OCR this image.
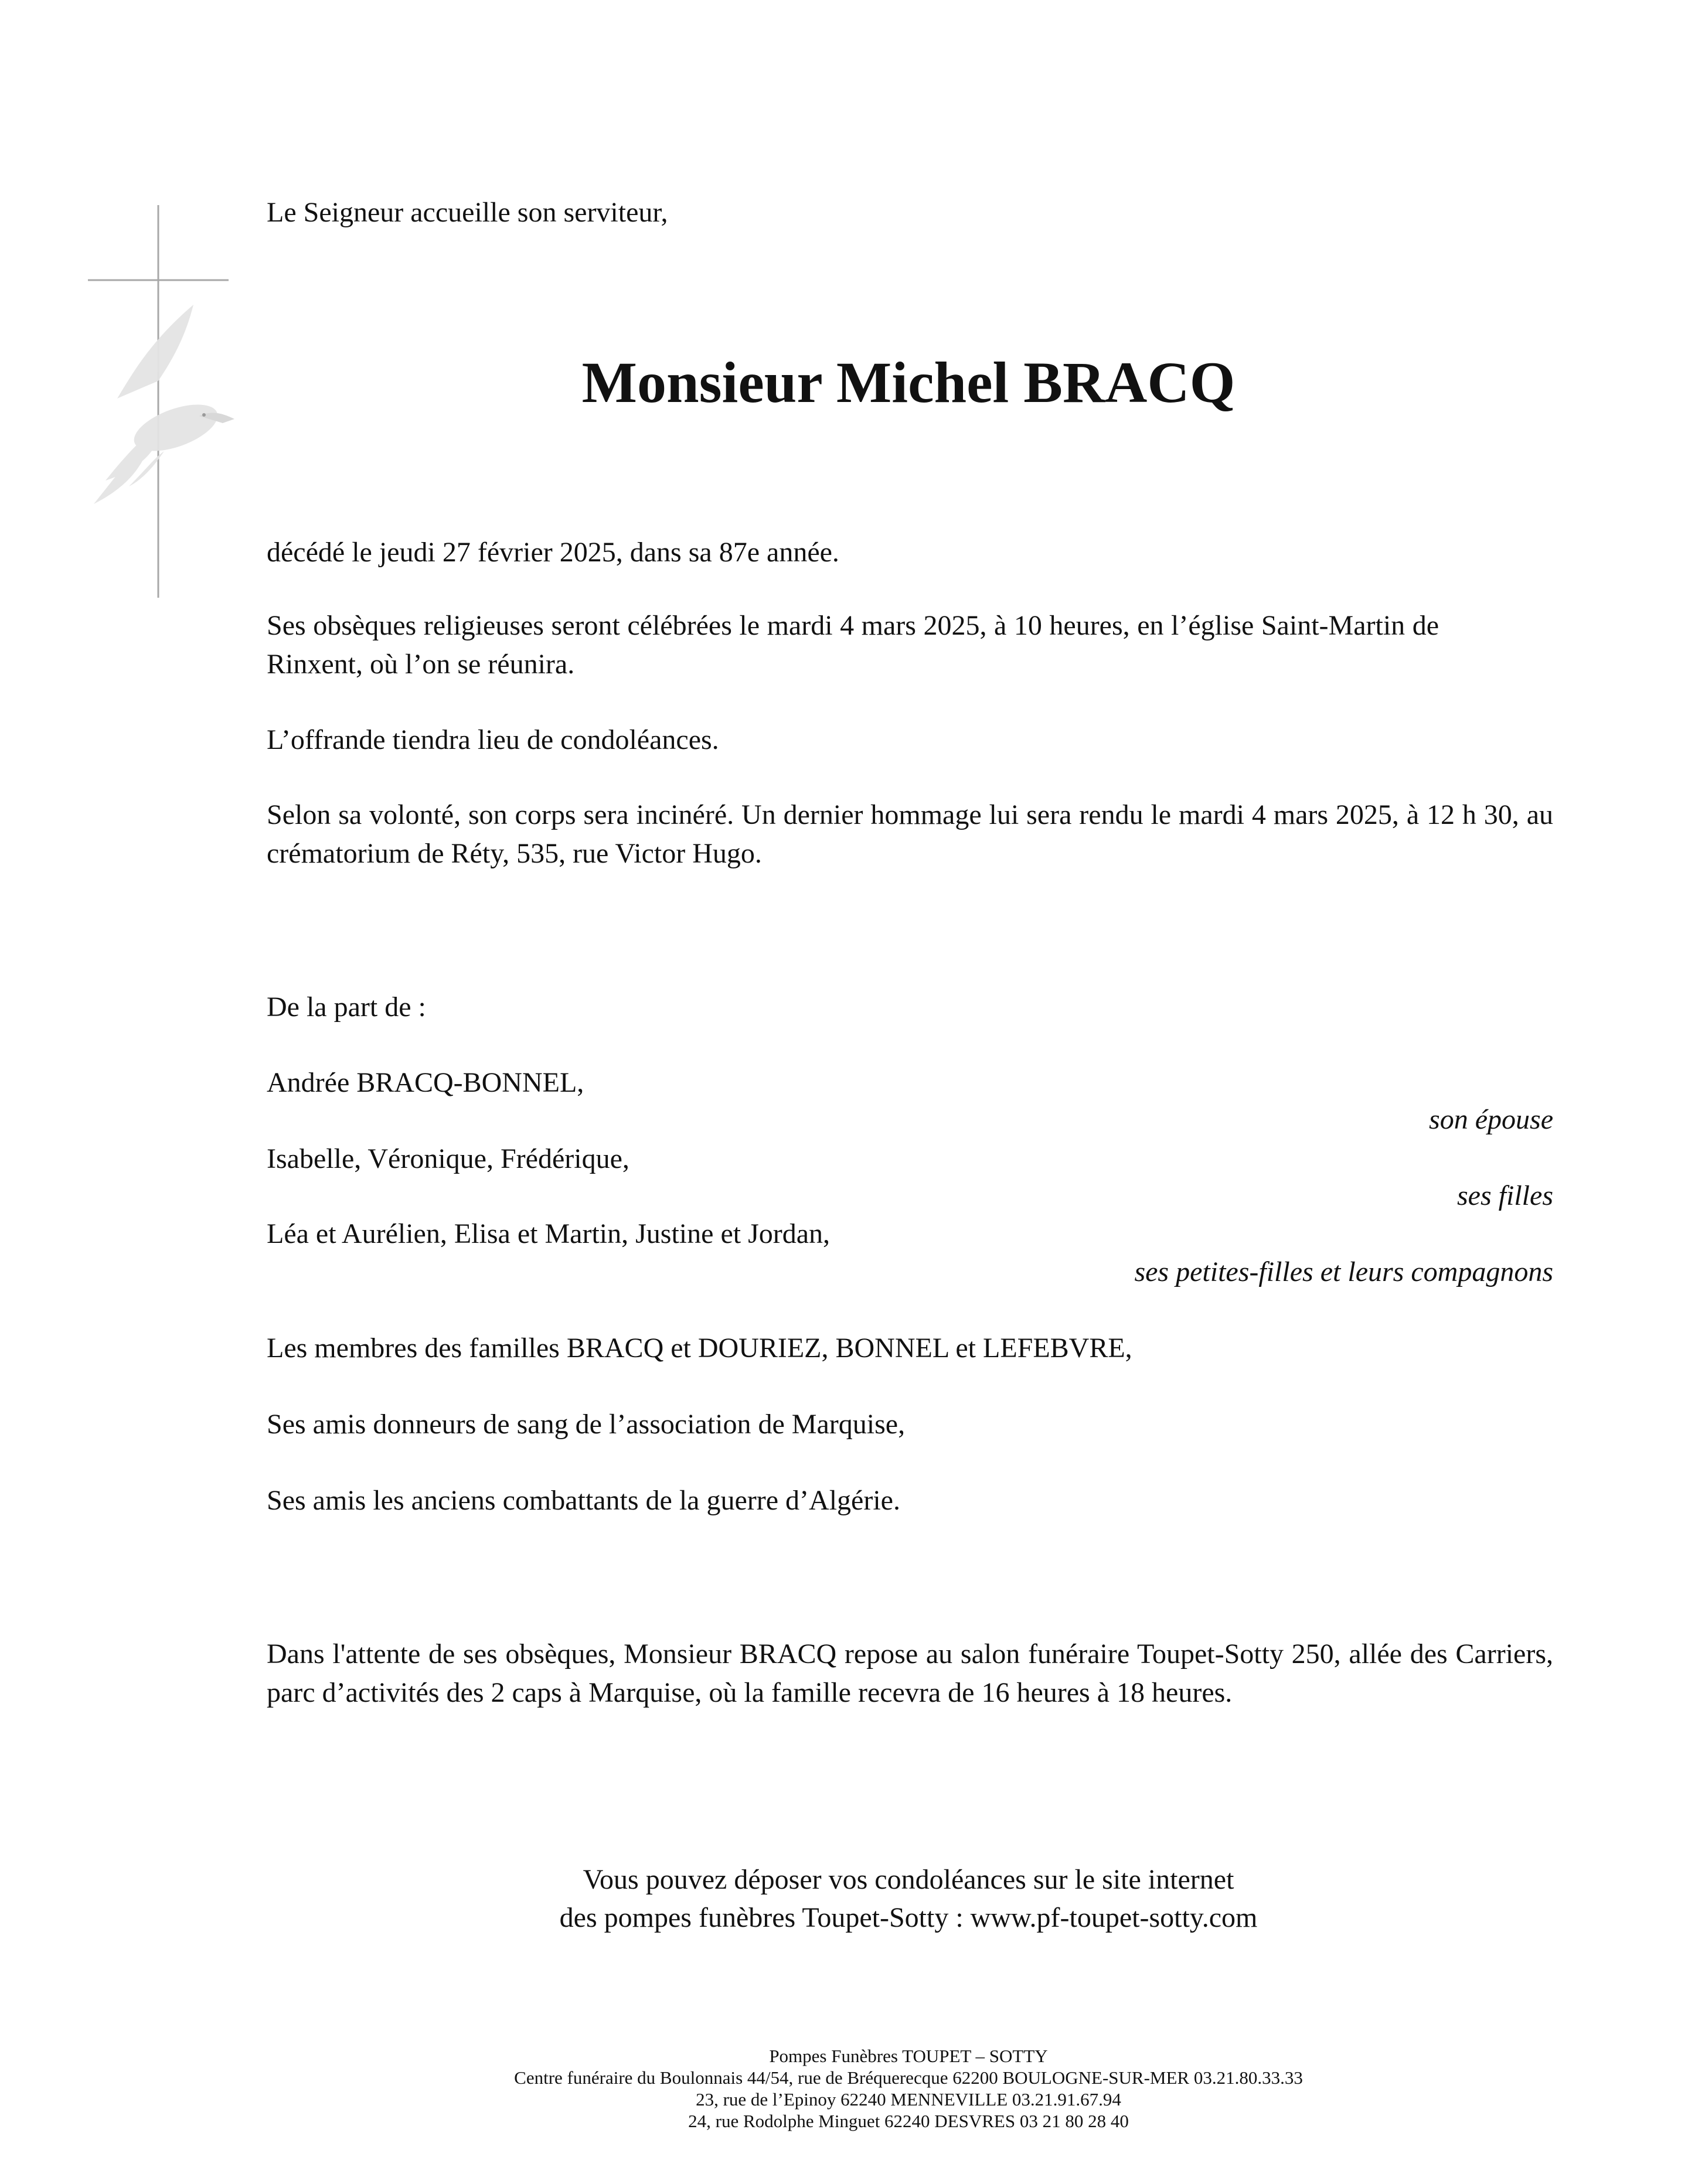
Le Seigneur accueille son serviteur,

Monsieur Michel BRACQ

décédé le jeudi 27 février 2025, dans sa 87e année.

Ses obsèques religieuses seront célébrées le mardi 4 mars 2025, à 10 heures, en l’église Saint-Martin de Rinxent, où l’on se réunira.

L’offrande tiendra lieu de condoléances.

Selon sa volonté, son corps sera incinéré. Un dernier hommage lui sera rendu le mardi 4 mars 2025, à 12 h 30, au crématorium de Réty, 535, rue Victor Hugo.

De la part de :

Andrée BRACQ-BONNEL,

son épouse

Isabelle, Véronique, Frédérique,

ses filles

Léa et Aurélien, Elisa et Martin, Justine et Jordan,

ses petites-filles et leurs compagnons

Les membres des familles BRACQ et DOURIEZ, BONNEL et LEFEBVRE,

Ses amis donneurs de sang de l’association de Marquise,

Ses amis les anciens combattants de la guerre d’Algérie.

Dans l'attente de ses obsèques, Monsieur BRACQ repose au salon funéraire Toupet-Sotty 250, allée des Carriers, parc d’activités des 2 caps à Marquise, où la famille recevra de 16 heures à 18 heures.

Vous pouvez déposer vos condoléances sur le site internet

des pompes funèbres Toupet-Sotty : www.pf-toupet-sotty.com

Pompes Funèbres TOUPET – SOTTY

Centre funéraire du Boulonnais 44/54, rue de Bréquerecque 62200 BOULOGNE-SUR-MER 03.21.80.33.33

23, rue de l’Epinoy 62240 MENNEVILLE 03.21.91.67.94

24, rue Rodolphe Minguet 62240 DESVRES 03 21 80 28 40
